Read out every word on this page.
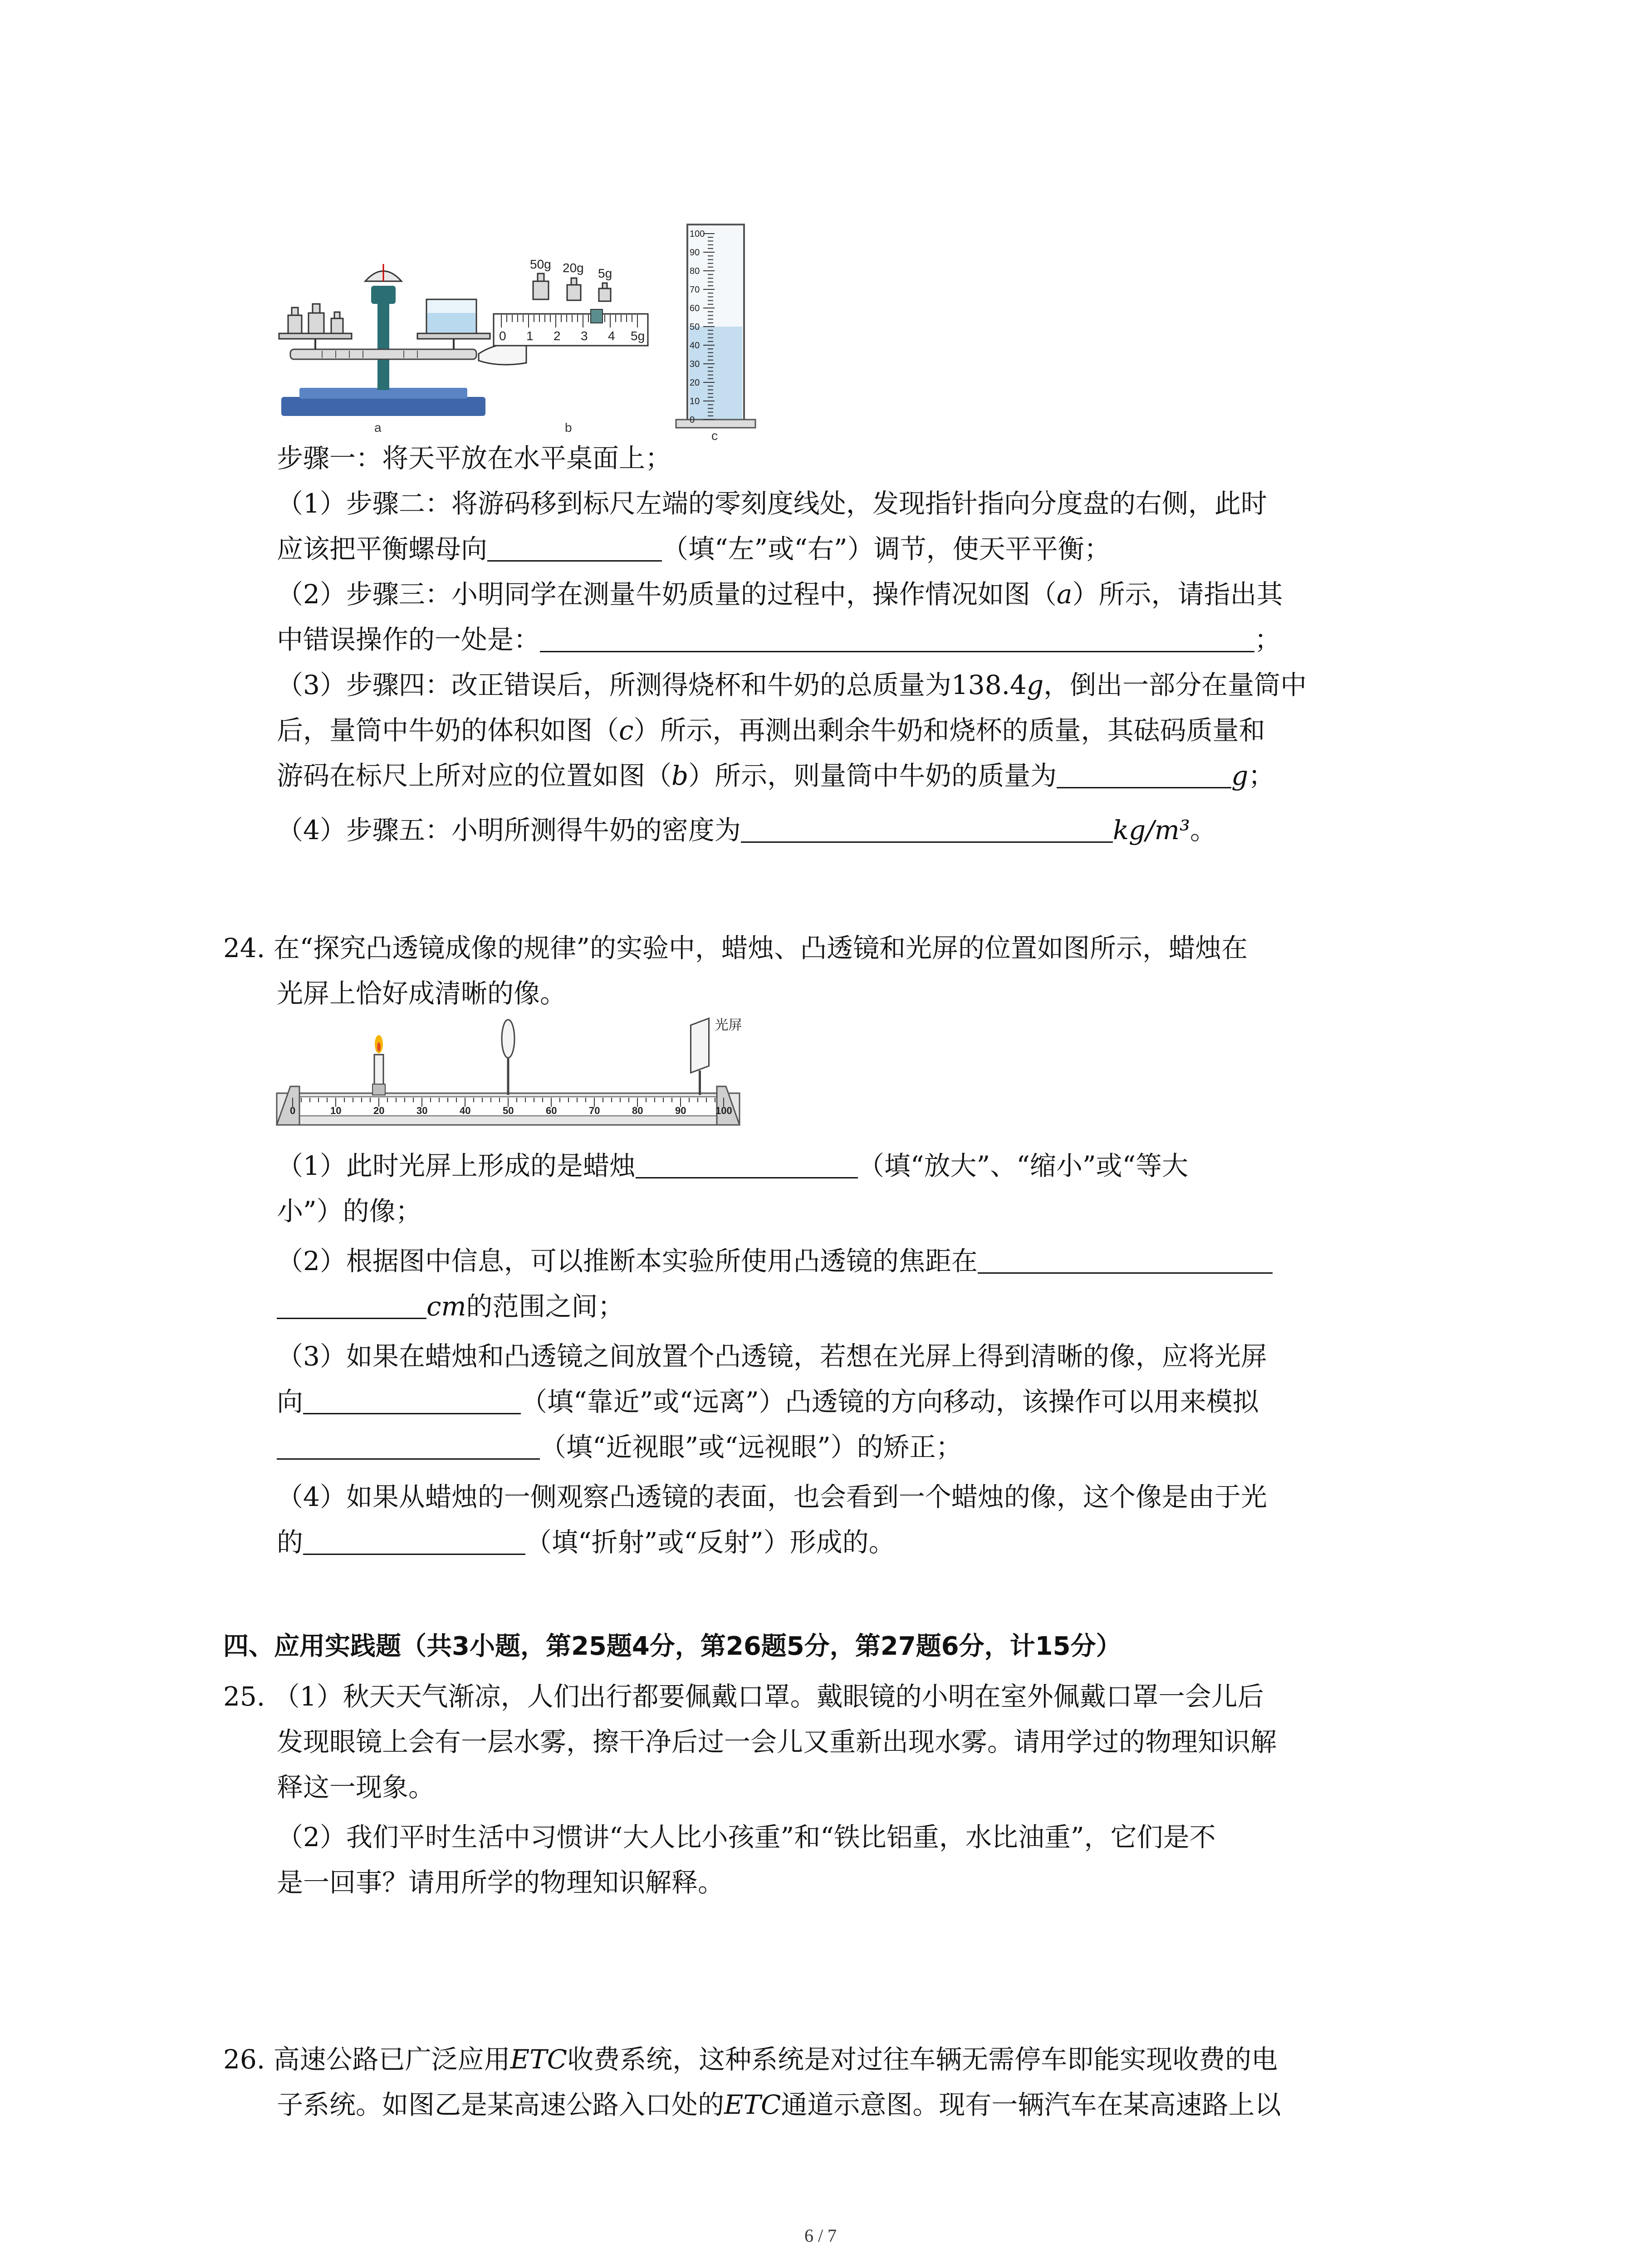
a
50g 20g 5g
0 1 2 3 4 5g
b
100
90
80
70
60
50
40
30
20
10
0
c
步骤一：将天平放在水平桌面上；
（1）步骤二：将游码移到标尺左端的零刻度线处，发现指针指向分度盘的右侧，此时
应该把平衡螺母向	（填“左”或“右”）调节，使天平平衡；
（2）步骤三：小明同学在测量牛奶质量的过程中，操作情况如图（a）所示，请指出其
中错误操作的一处是：	；
（3）步骤四：改正错误后，所测得烧杯和牛奶的总质量为138.4g，倒出一部分在量筒中
后，量筒中牛奶的体积如图（c）所示，再测出剩余牛奶和烧杯的质量，其砝码质量和
游码在标尺上所对应的位置如图（b）所示，则量筒中牛奶的质量为	g；
（4）步骤五：小明所测得牛奶的密度为	kg/m³。
24. 在“探究凸透镜成像的规律”的实验中，蜡烛、凸透镜和光屏的位置如图所示，蜡烛在
光屏上恰好成清晰的像。
0	10	20	30	40	50	60	70	80	90	100
光屏
（1）此时光屏上形成的是蜡烛	（填“放大”、“缩小”或“等大
小”）的像；
（2）根据图中信息，可以推断本实验所使用凸透镜的焦距在
cm的范围之间；
（3）如果在蜡烛和凸透镜之间放置个凸透镜，若想在光屏上得到清晰的像，应将光屏
向	（填“靠近”或“远离”）凸透镜的方向移动，该操作可以用来模拟
（填“近视眼”或“远视眼”）的矫正；
（4）如果从蜡烛的一侧观察凸透镜的表面，也会看到一个蜡烛的像，这个像是由于光
的	（填“折射”或“反射”）形成的。
四、应用实践题（共3小题，第25题4分，第26题5分，第27题6分，计15分）
25. （1）秋天天气渐凉，人们出行都要佩戴口罩。戴眼镜的小明在室外佩戴口罩一会儿后
发现眼镜上会有一层水雾，擦干净后过一会儿又重新出现水雾。请用学过的物理知识解
释这一现象。
（2）我们平时生活中习惯讲“大人比小孩重”和“铁比铝重，水比油重”，它们是不
是一回事？请用所学的物理知识解释。
26. 高速公路已广泛应用ETC收费系统，这种系统是对过往车辆无需停车即能实现收费的电
子系统。如图乙是某高速公路入口处的ETC通道示意图。现有一辆汽车在某高速路上以
6 / 7
